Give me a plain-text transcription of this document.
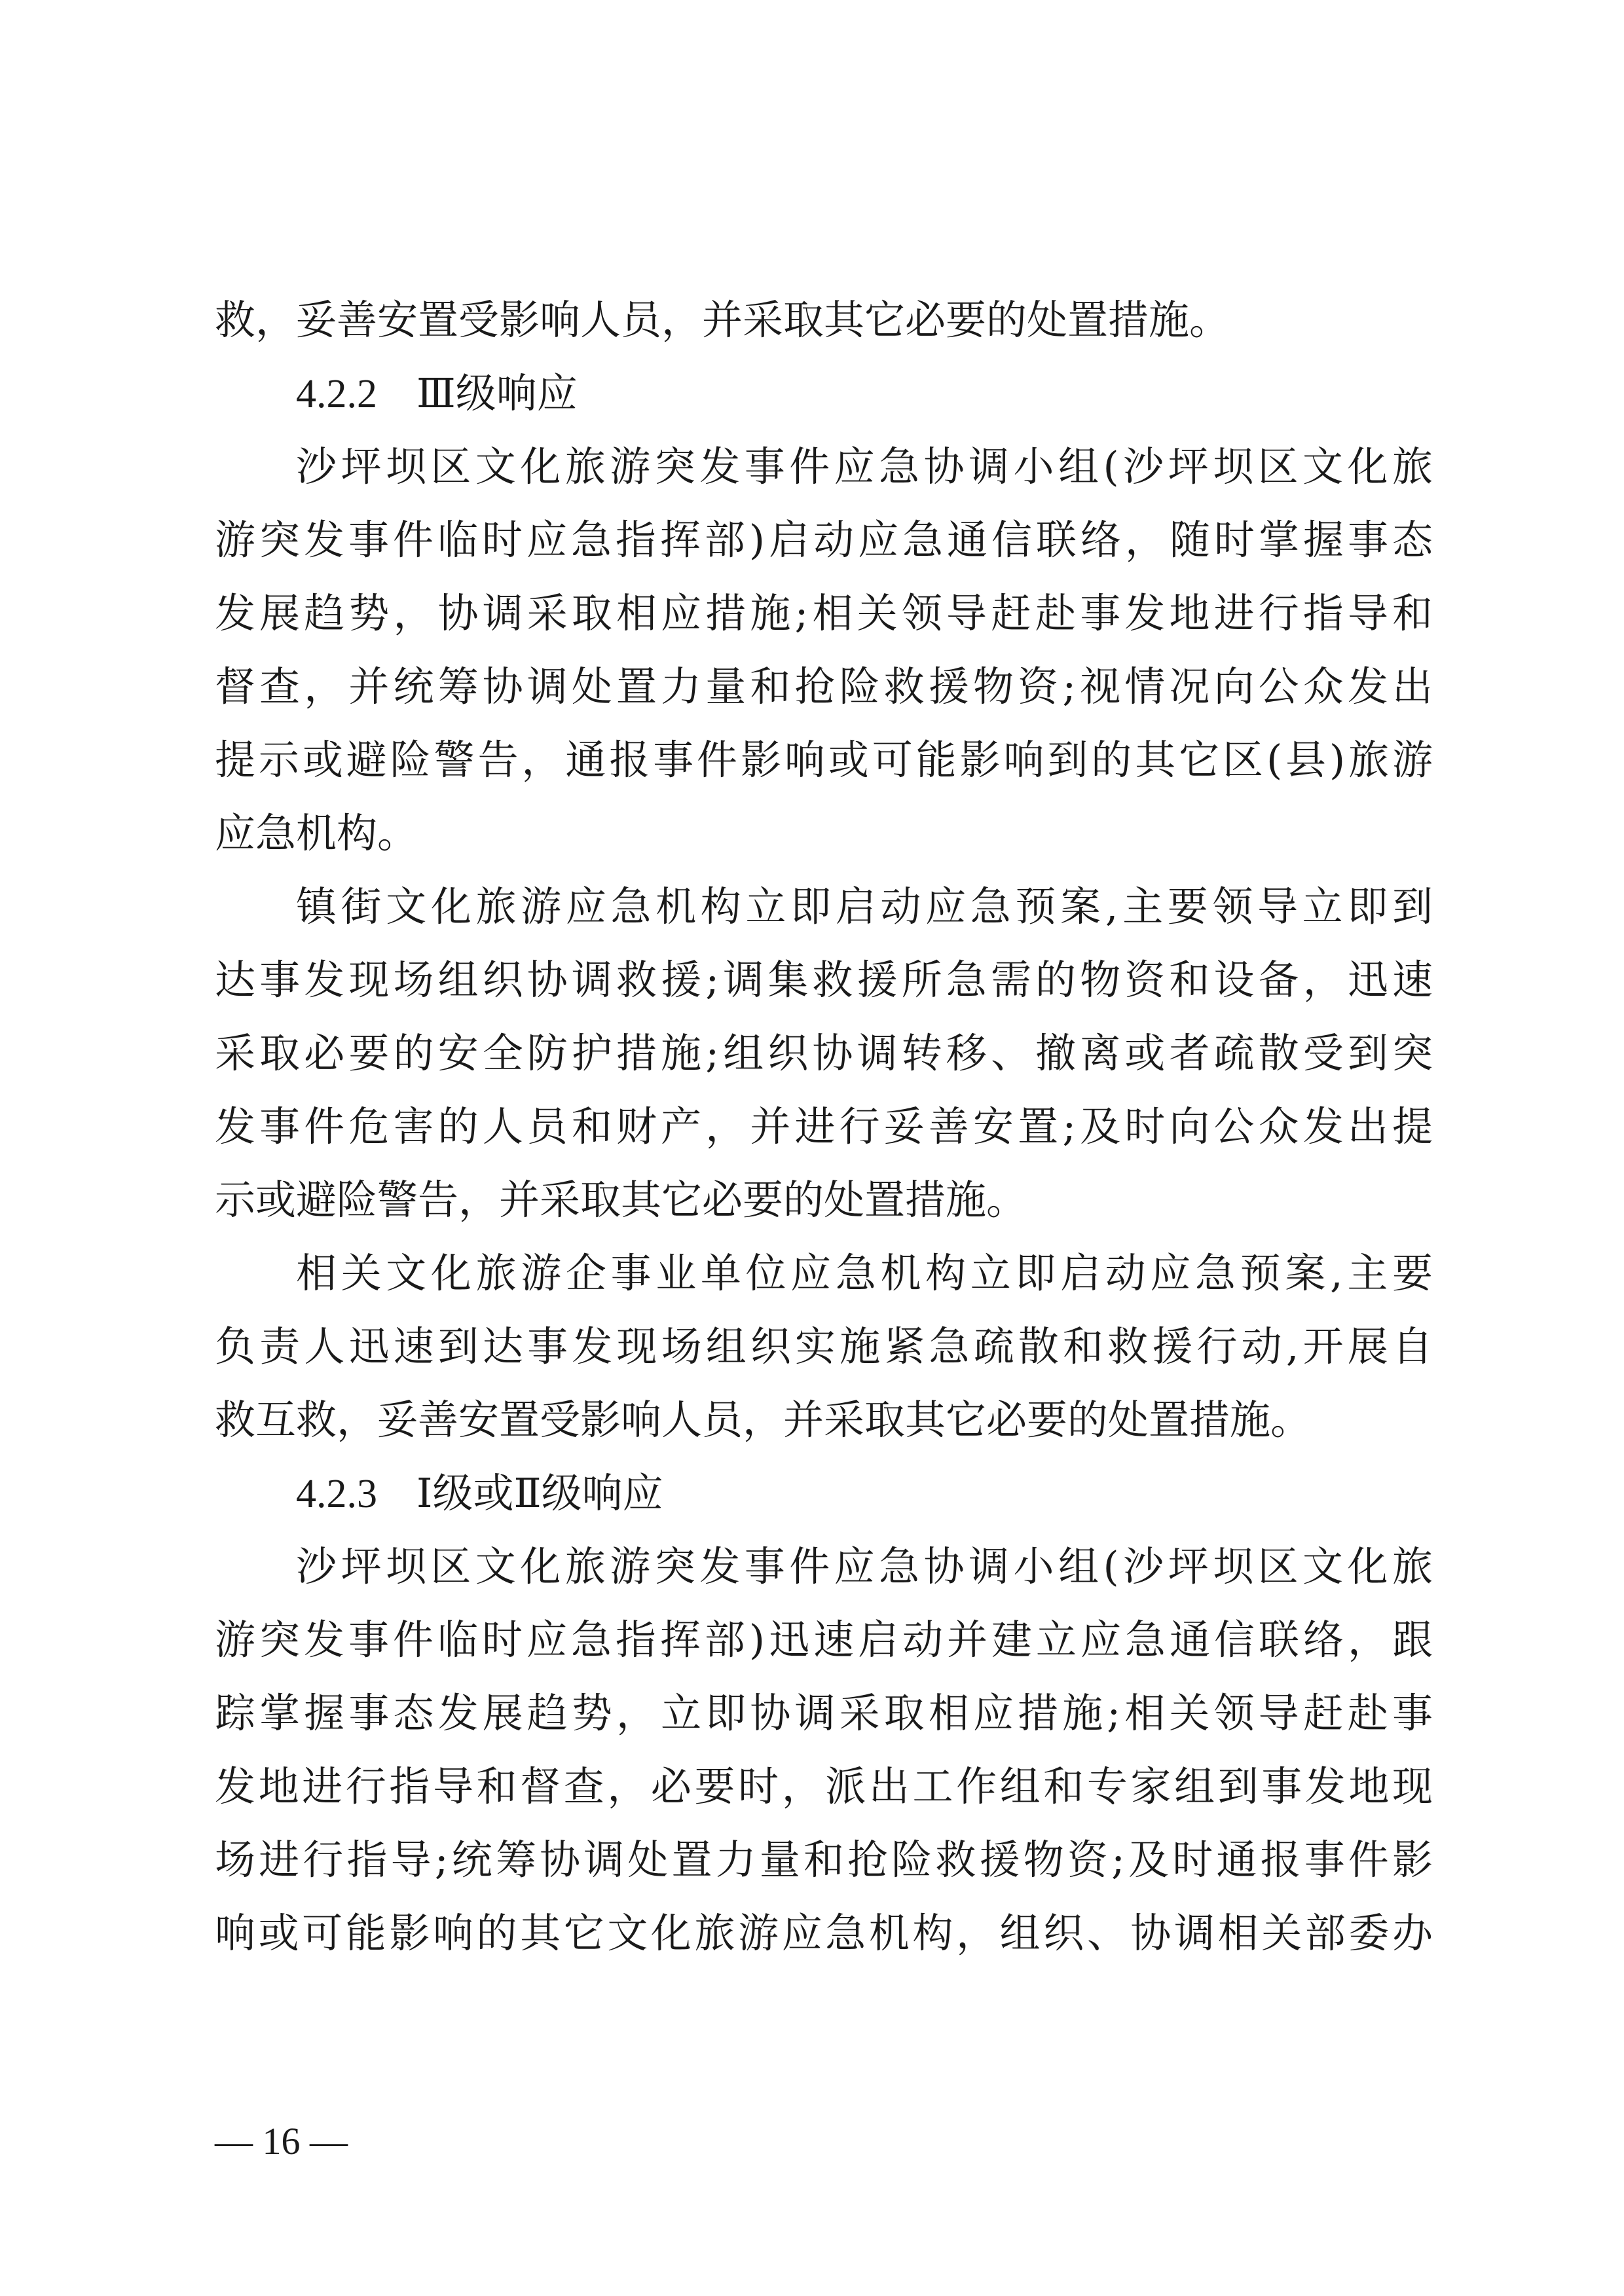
救，妥善安置受影响人员，并采取其它必要的处置措施。
4.2.2 Ⅲ级响应
沙坪坝区文化旅游突发事件应急协调小组(沙坪坝区文化旅
游突发事件临时应急指挥部)启动应急通信联络，随时掌握事态
发展趋势，协调采取相应措施;相关领导赶赴事发地进行指导和
督查，并统筹协调处置力量和抢险救援物资;视情况向公众发出
提示或避险警告，通报事件影响或可能影响到的其它区(县)旅游
应急机构。
镇街文化旅游应急机构立即启动应急预案,主要领导立即到
达事发现场组织协调救援;调集救援所急需的物资和设备，迅速
采取必要的安全防护措施;组织协调转移、撤离或者疏散受到突
发事件危害的人员和财产，并进行妥善安置;及时向公众发出提
示或避险警告，并采取其它必要的处置措施。
相关文化旅游企事业单位应急机构立即启动应急预案,主要
负责人迅速到达事发现场组织实施紧急疏散和救援行动,开展自
救互救，妥善安置受影响人员，并采取其它必要的处置措施。
4.2.3 Ⅰ级或Ⅱ级响应
沙坪坝区文化旅游突发事件应急协调小组(沙坪坝区文化旅
游突发事件临时应急指挥部)迅速启动并建立应急通信联络，跟
踪掌握事态发展趋势，立即协调采取相应措施;相关领导赶赴事
发地进行指导和督查，必要时，派出工作组和专家组到事发地现
场进行指导;统筹协调处置力量和抢险救援物资;及时通报事件影
响或可能影响的其它文化旅游应急机构，组织、协调相关部委办
— 16 —
